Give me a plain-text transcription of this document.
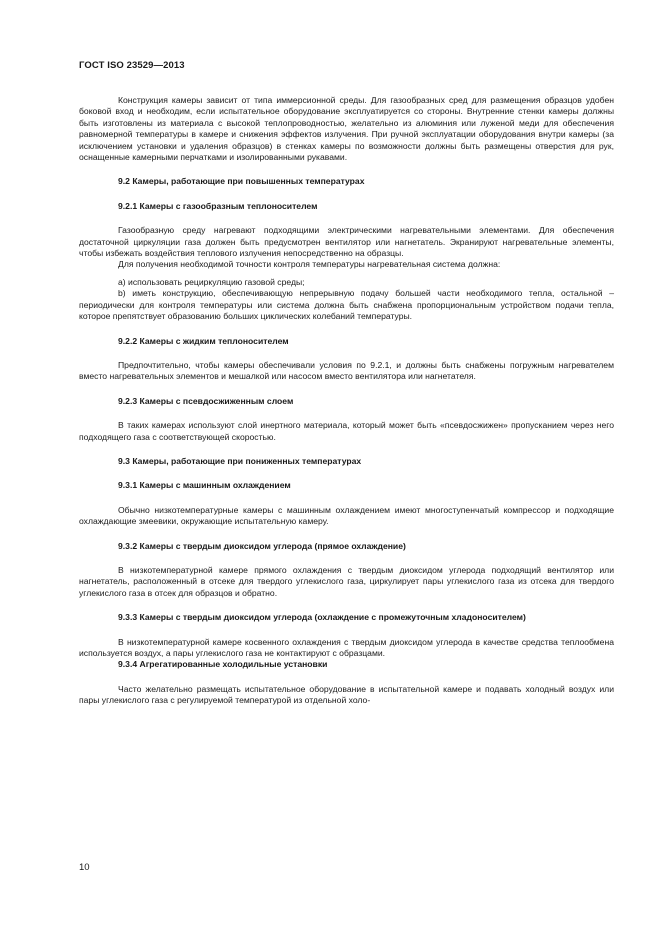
ГОСТ ISO 23529—2013

Конструкция камеры зависит от типа иммерсионной среды. Для газообразных сред для размещения образцов удобен боковой вход и необходим, если испытательное оборудование эксплуатируется со стороны. Внутренние стенки камеры должны быть изготовлены из материала с высокой теплопроводностью, желательно из алюминия или луженой меди для обеспечения равномерной температуры в камере и снижения эффектов излучения. При ручной эксплуатации оборудования внутри камеры (за исключением установки и удаления образцов) в стенках камеры по возможности должны быть размещены отверстия для рук, оснащенные камерными перчатками и изолированными рукавами.

9.2 Камеры, работающие при повышенных температурах

9.2.1 Камеры с газообразным теплоносителем

Газообразную среду нагревают подходящими электрическими нагревательными элементами. Для обеспечения достаточной циркуляции газа должен быть предусмотрен вентилятор или нагнетатель. Экранируют нагревательные элементы, чтобы избежать воздействия теплового излучения непосредственно на образцы.

Для получения необходимой точности контроля температуры нагревательная система должна:

а) использовать рециркуляцию газовой среды;

b) иметь конструкцию, обеспечивающую непрерывную подачу большей части необходимого тепла, остальной – периодически для контроля температуры или система должна быть снабжена пропорциональным устройством подачи тепла, которое препятствует образованию больших циклических колебаний температуры.

9.2.2 Камеры с жидким теплоносителем

Предпочтительно, чтобы камеры обеспечивали условия по 9.2.1, и должны быть снабжены погружным нагревателем вместо нагревательных элементов и мешалкой или насосом вместо вентилятора или нагнетателя.

9.2.3 Камеры с псевдосжиженным слоем

В таких камерах используют слой инертного материала, который может быть «псевдосжижен» пропусканием через него подходящего газа с соответствующей скоростью.

9.3 Камеры, работающие при пониженных температурах

9.3.1 Камеры с машинным охлаждением

Обычно низкотемпературные камеры с машинным охлаждением имеют многоступенчатый компрессор и подходящие охлаждающие змеевики, окружающие испытательную камеру.

9.3.2 Камеры с твердым диоксидом углерода (прямое охлаждение)

В низкотемпературной камере прямого охлаждения с твердым диоксидом углерода подходящий вентилятор или нагнетатель, расположенный в отсеке для твердого углекислого газа, циркулирует пары углекислого газа из отсека для твердого углекислого газа в отсек для образцов и обратно.

9.3.3 Камеры с твердым диоксидом углерода (охлаждение с промежуточным хладоносителем)

В низкотемпературной камере косвенного охлаждения с твердым диоксидом углерода в качестве средства теплообмена используется воздух, а пары углекислого газа не контактируют с образцами.

9.3.4 Агрегатированные холодильные установки

Часто желательно размещать испытательное оборудование в испытательной камере и подавать холодный воздух или пары углекислого газа с регулируемой температурой из отдельной холо-

10
